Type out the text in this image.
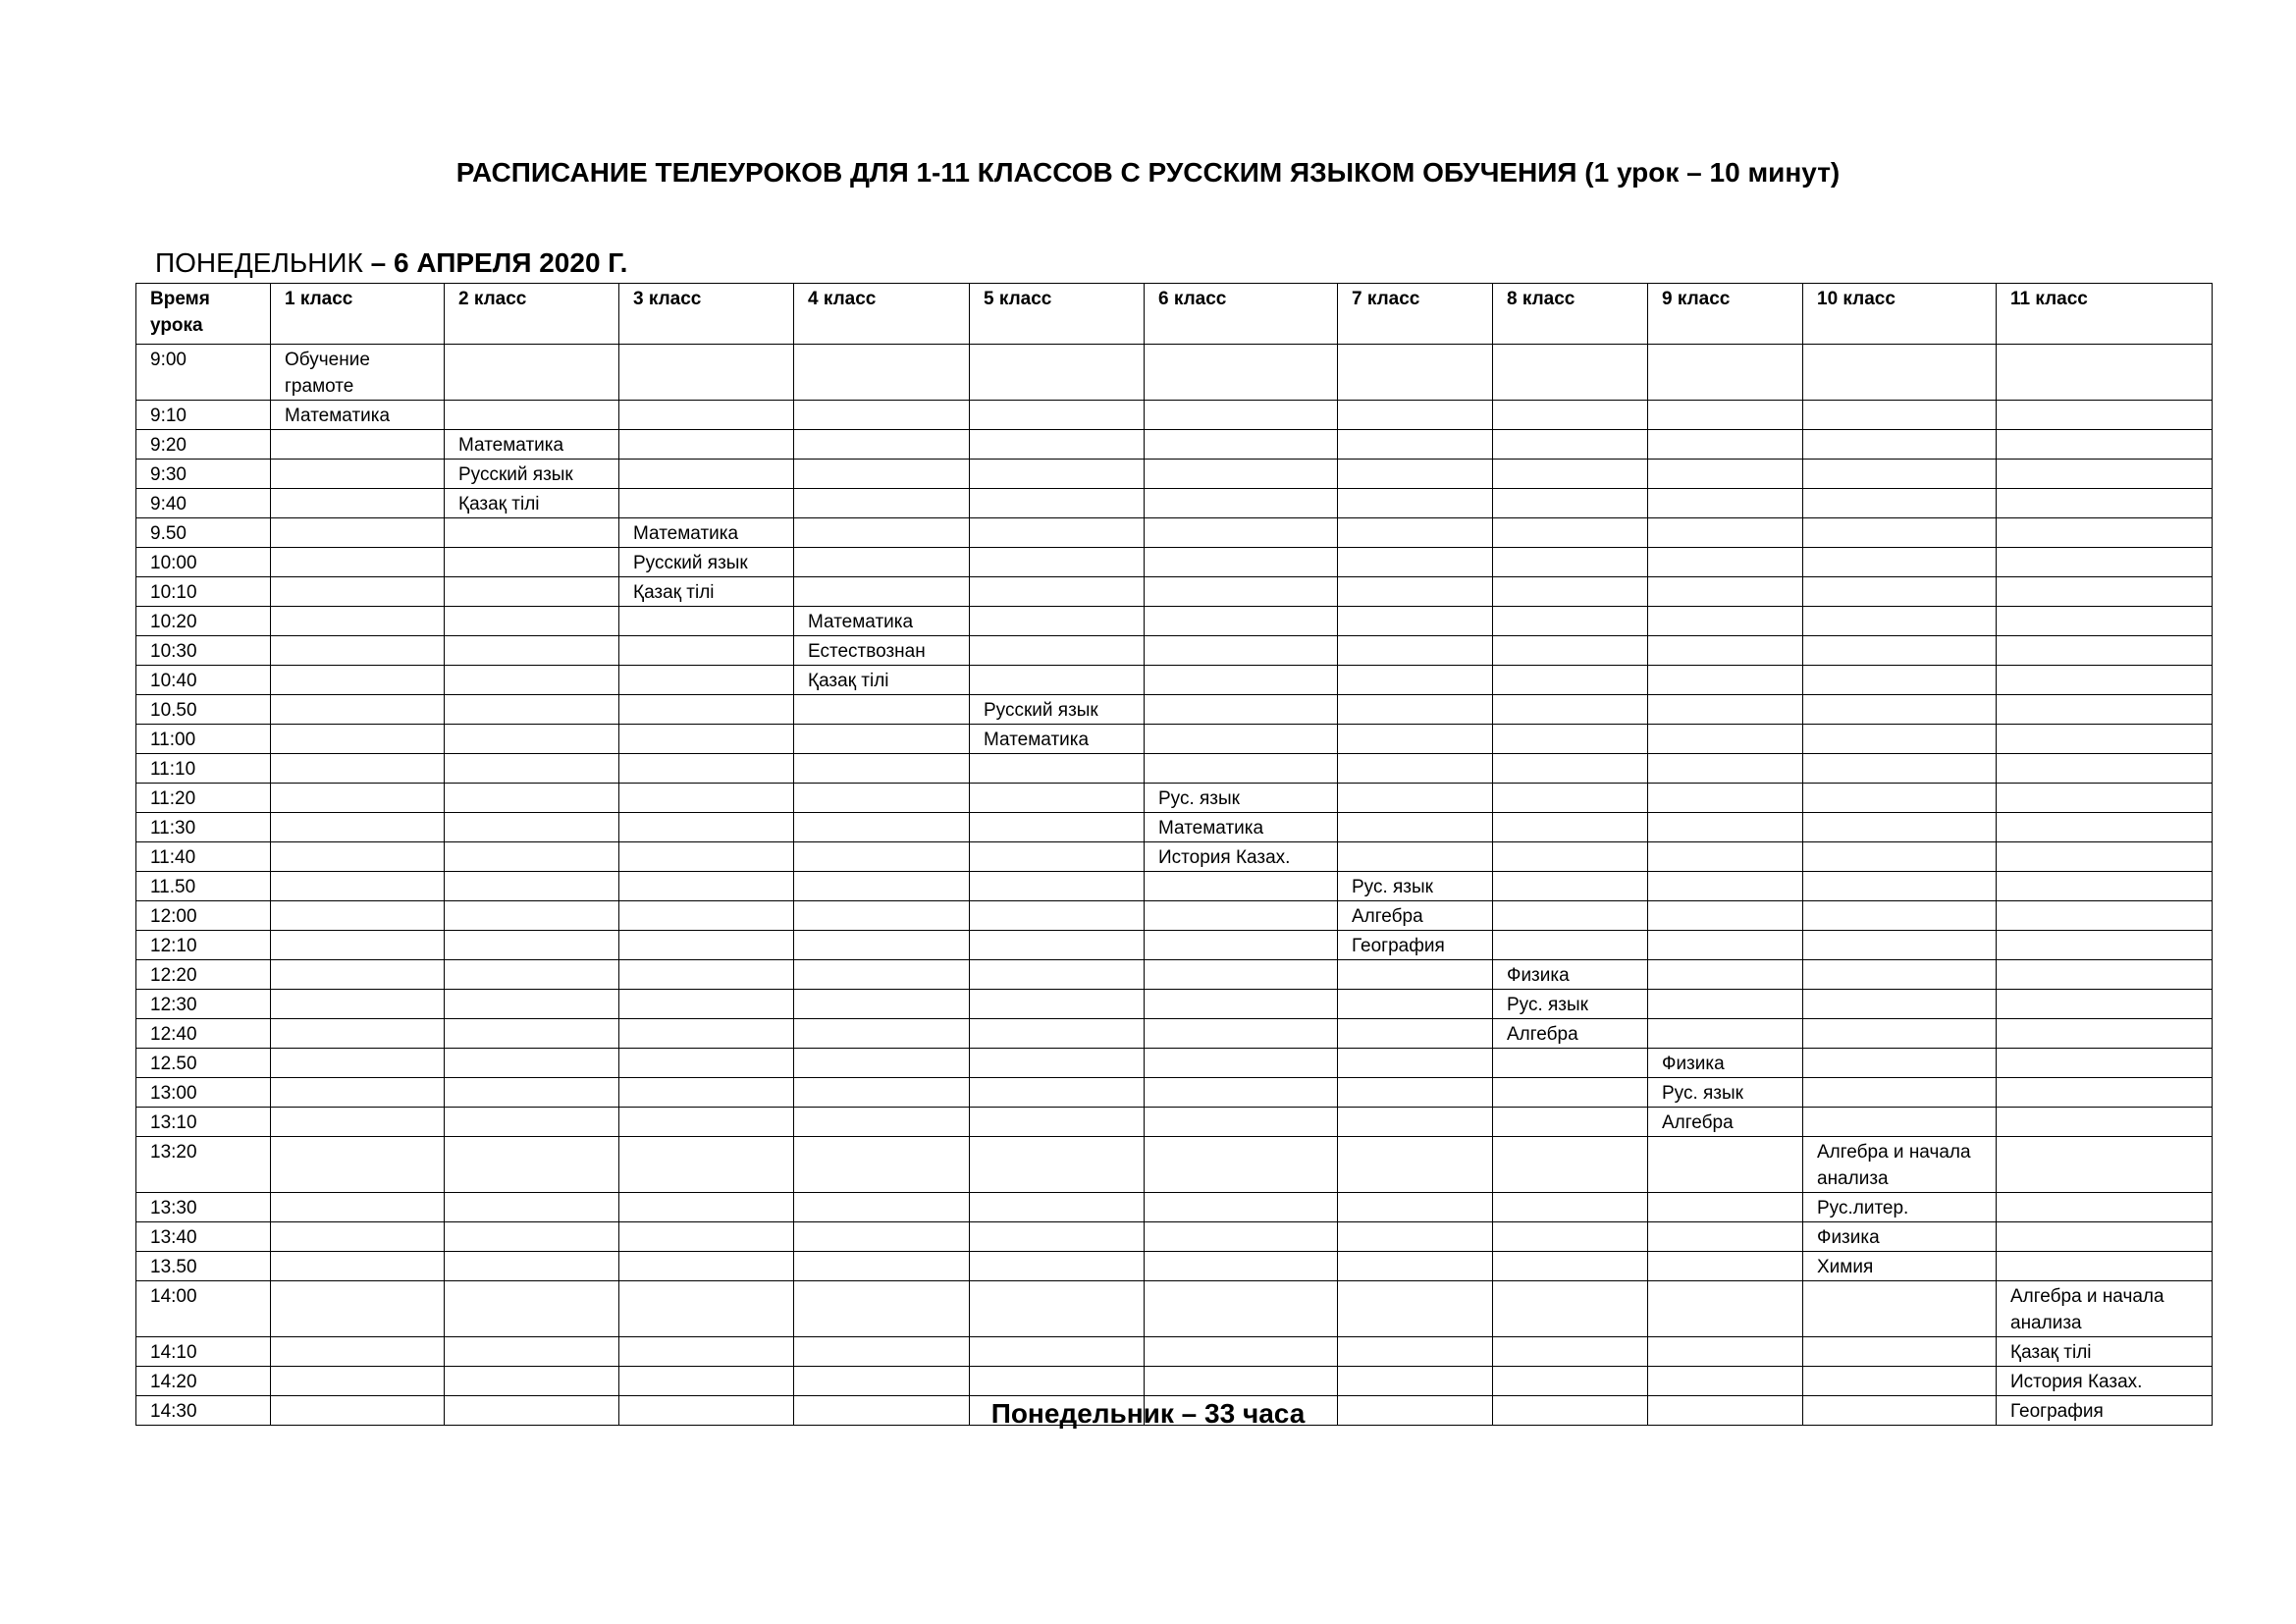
РАСПИСАНИЕ ТЕЛЕУРОКОВ ДЛЯ 1-11 КЛАССОВ С РУССКИМ ЯЗЫКОМ ОБУЧЕНИЯ (1 урок – 10 минут)
ПОНЕДЕЛЬНИК – 6 АПРЕЛЯ 2020 Г.
Время урока	1 класс	2 класс	3 класс	4 класс	5 класс	6 класс	7 класс	8 класс	9 класс	10 класс	11 класс
9:00	Обучение грамоте										
9:10	Математика										
9:20		Математика									
9:30		Русский язык									
9:40		Қазақ тілі									
9.50			Математика								
10:00			Русский язык								
10:10			Қазақ тілі								
10:20				Математика							
10:30				Естествознан							
10:40				Қазақ тілі							
10.50					Русский язык						
11:00					Математика						
11:10											
11:20						Рус. язык					
11:30						Математика					
11:40						История Казах.					
11.50							Рус. язык				
12:00							Алгебра				
12:10							География				
12:20								Физика			
12:30								Рус. язык			
12:40								Алгебра			
12.50									Физика		
13:00									Рус. язык		
13:10									Алгебра		
13:20										Алгебра и начала анализа	
13:30										Рус.литер.	
13:40										Физика	
13.50										Химия	
14:00											Алгебра и начала анализа
14:10											Қазақ тілі
14:20											История Казах.
14:30											География
Понедельник – 33 часа
